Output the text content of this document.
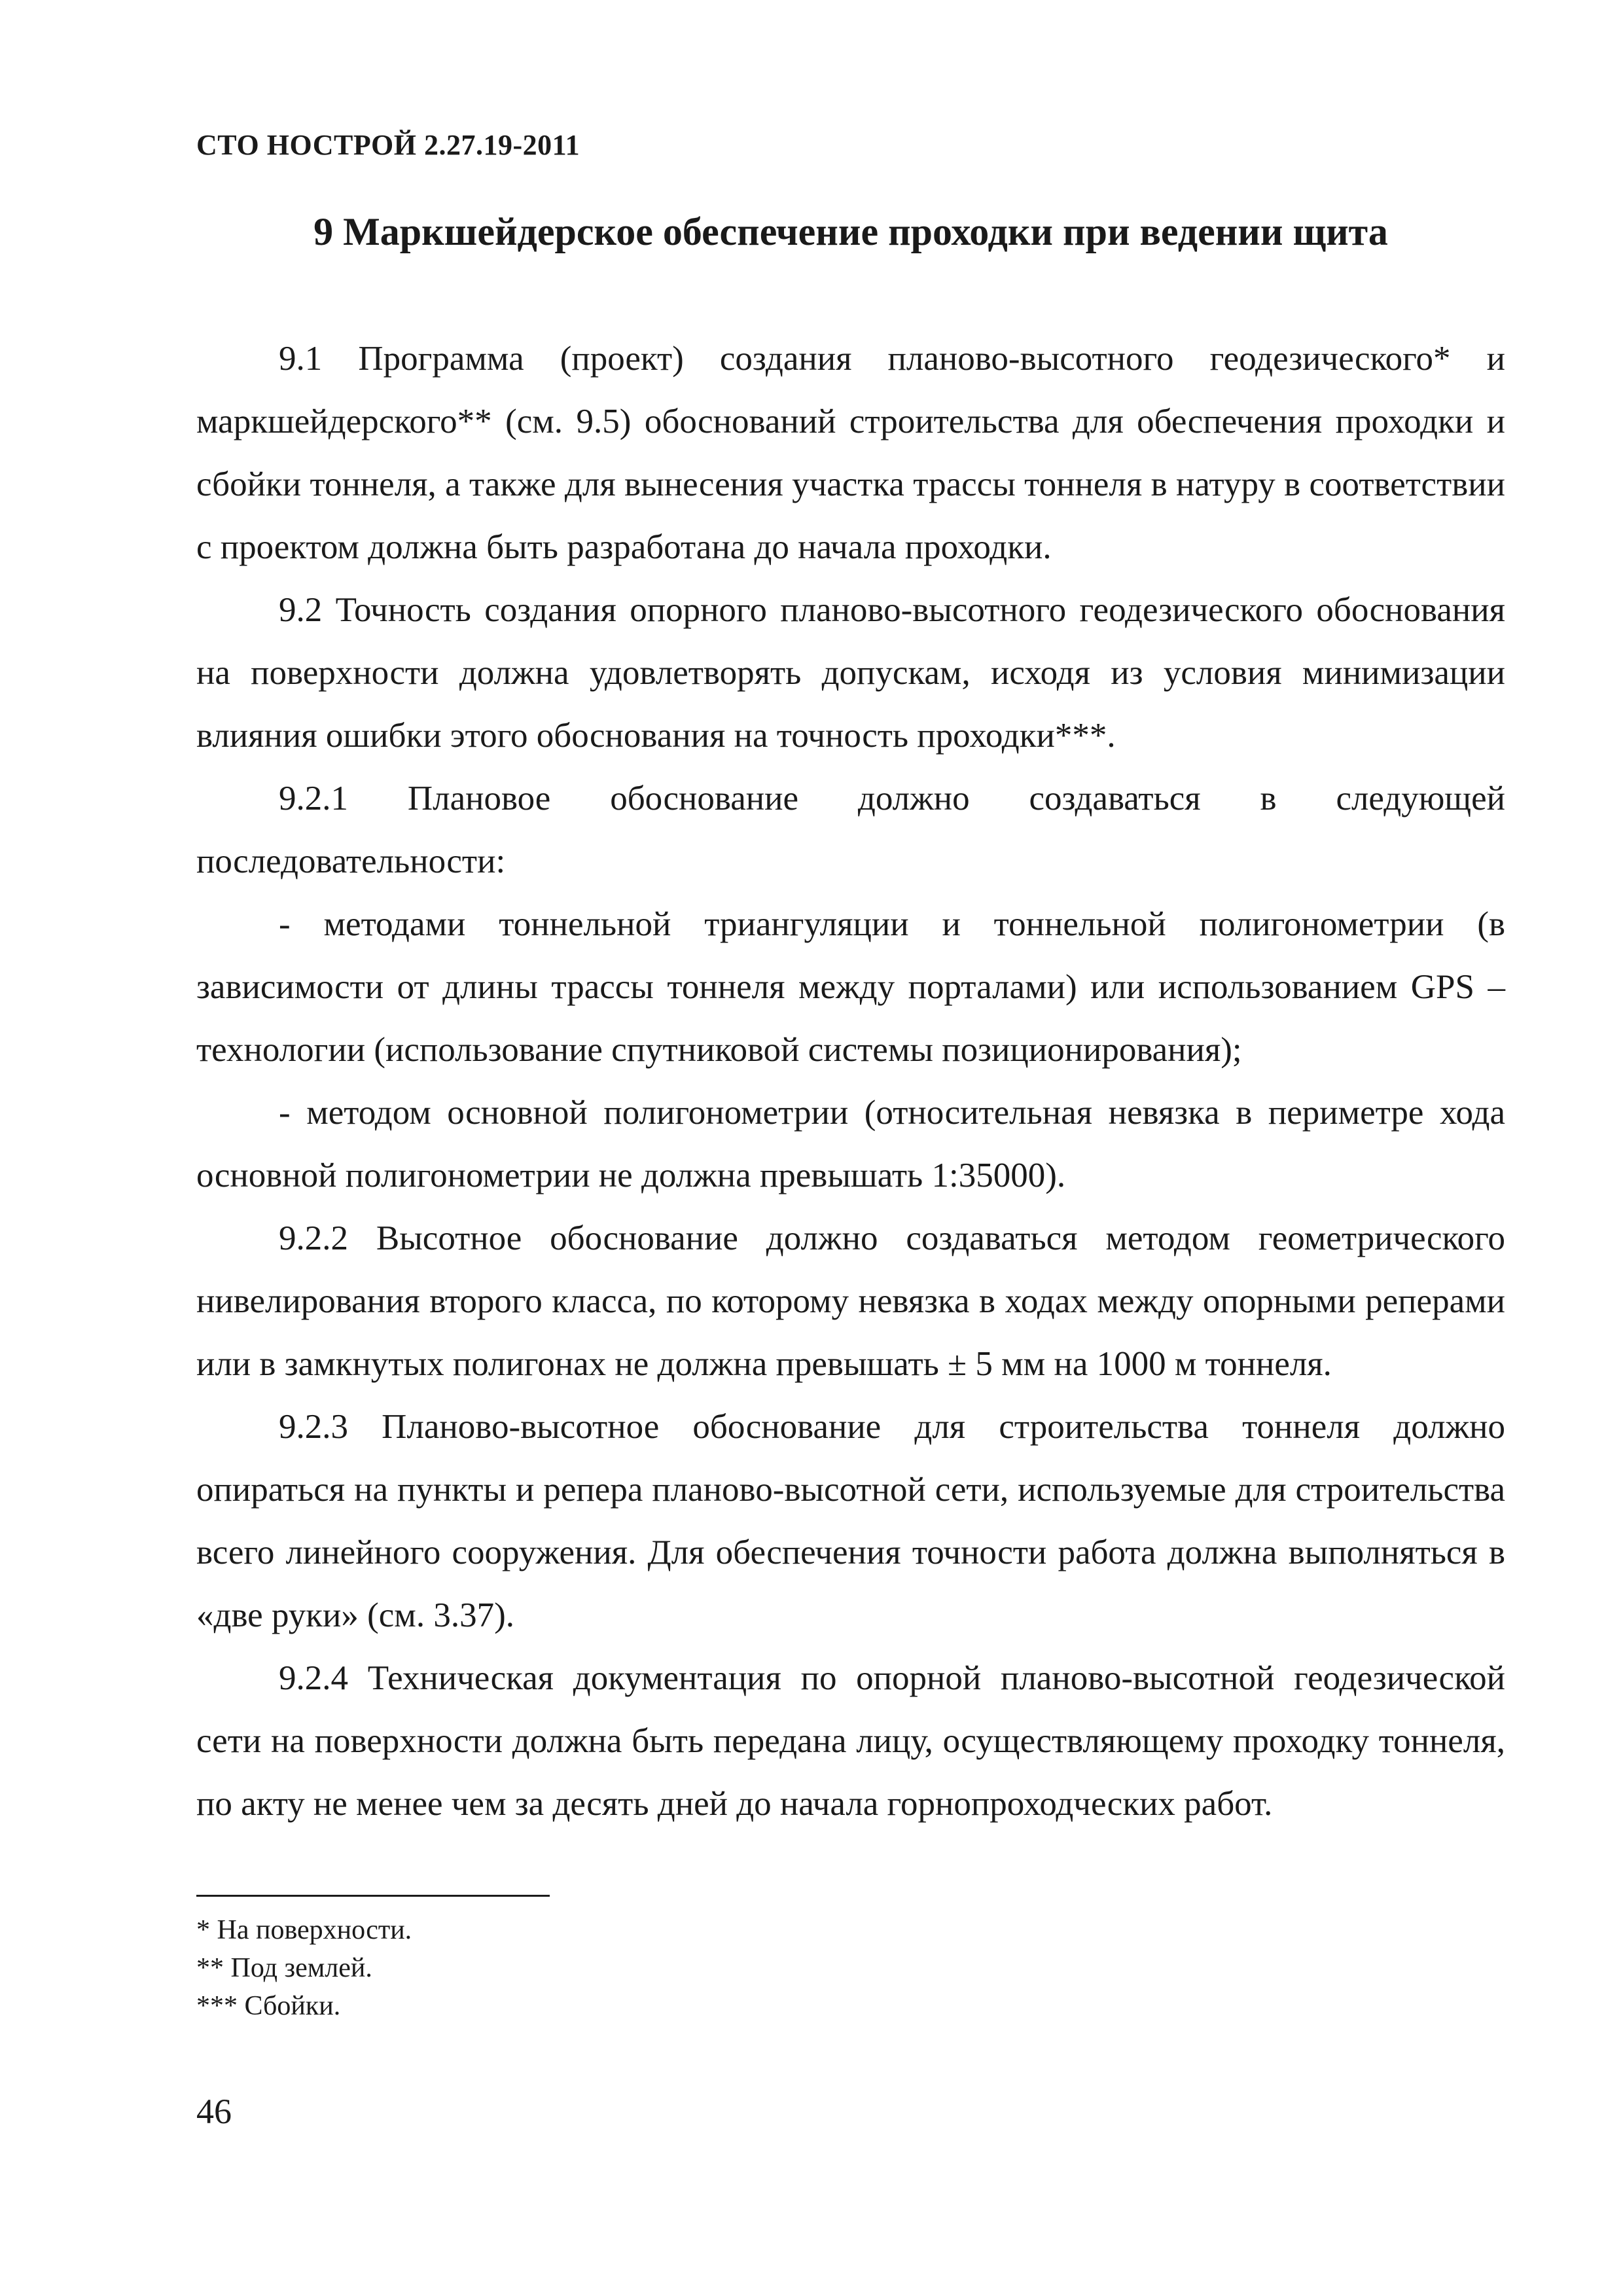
СТО НОСТРОЙ 2.27.19-2011
9 Маркшейдерское обеспечение проходки при ведении щита

9.1 Программа (проект) создания планово-высотного геодезического* и маркшейдерского** (см. 9.5) обоснований строительства для обеспечения проходки и сбойки тоннеля, а также для вынесения участка трассы тоннеля в натуру в соответствии с проектом должна быть разработана до начала проходки.

9.2 Точность создания опорного планово-высотного геодезического обоснования на поверхности должна удовлетворять допускам, исходя из условия минимизации влияния ошибки этого обоснования на точность проходки***.

9.2.1 Плановое обоснование должно создаваться в следующей последовательности:

- методами тоннельной триангуляции и тоннельной полигонометрии (в зависимости от длины трассы тоннеля между порталами) или использованием GPS – технологии (использование спутниковой системы позиционирования);

- методом основной полигонометрии (относительная невязка в периметре хода основной полигонометрии не должна превышать 1:35000).

9.2.2 Высотное обоснование должно создаваться методом геометрического нивелирования второго класса, по которому невязка в ходах между опорными реперами или в замкнутых полигонах не должна превышать ± 5 мм на 1000 м тоннеля.

9.2.3 Планово-высотное обоснование для строительства тоннеля должно опираться на пункты и репера планово-высотной сети, используемые для строительства всего линейного сооружения. Для обеспечения точности работа должна выполняться в «две руки» (см. 3.37).

9.2.4 Техническая документация по опорной планово-высотной геодезической сети на поверхности должна быть передана лицу, осуществляющему проходку тоннеля, по акту не менее чем за десять дней до начала горнопроходческих работ.

* На поверхности.
** Под землей.
*** Сбойки.
46
